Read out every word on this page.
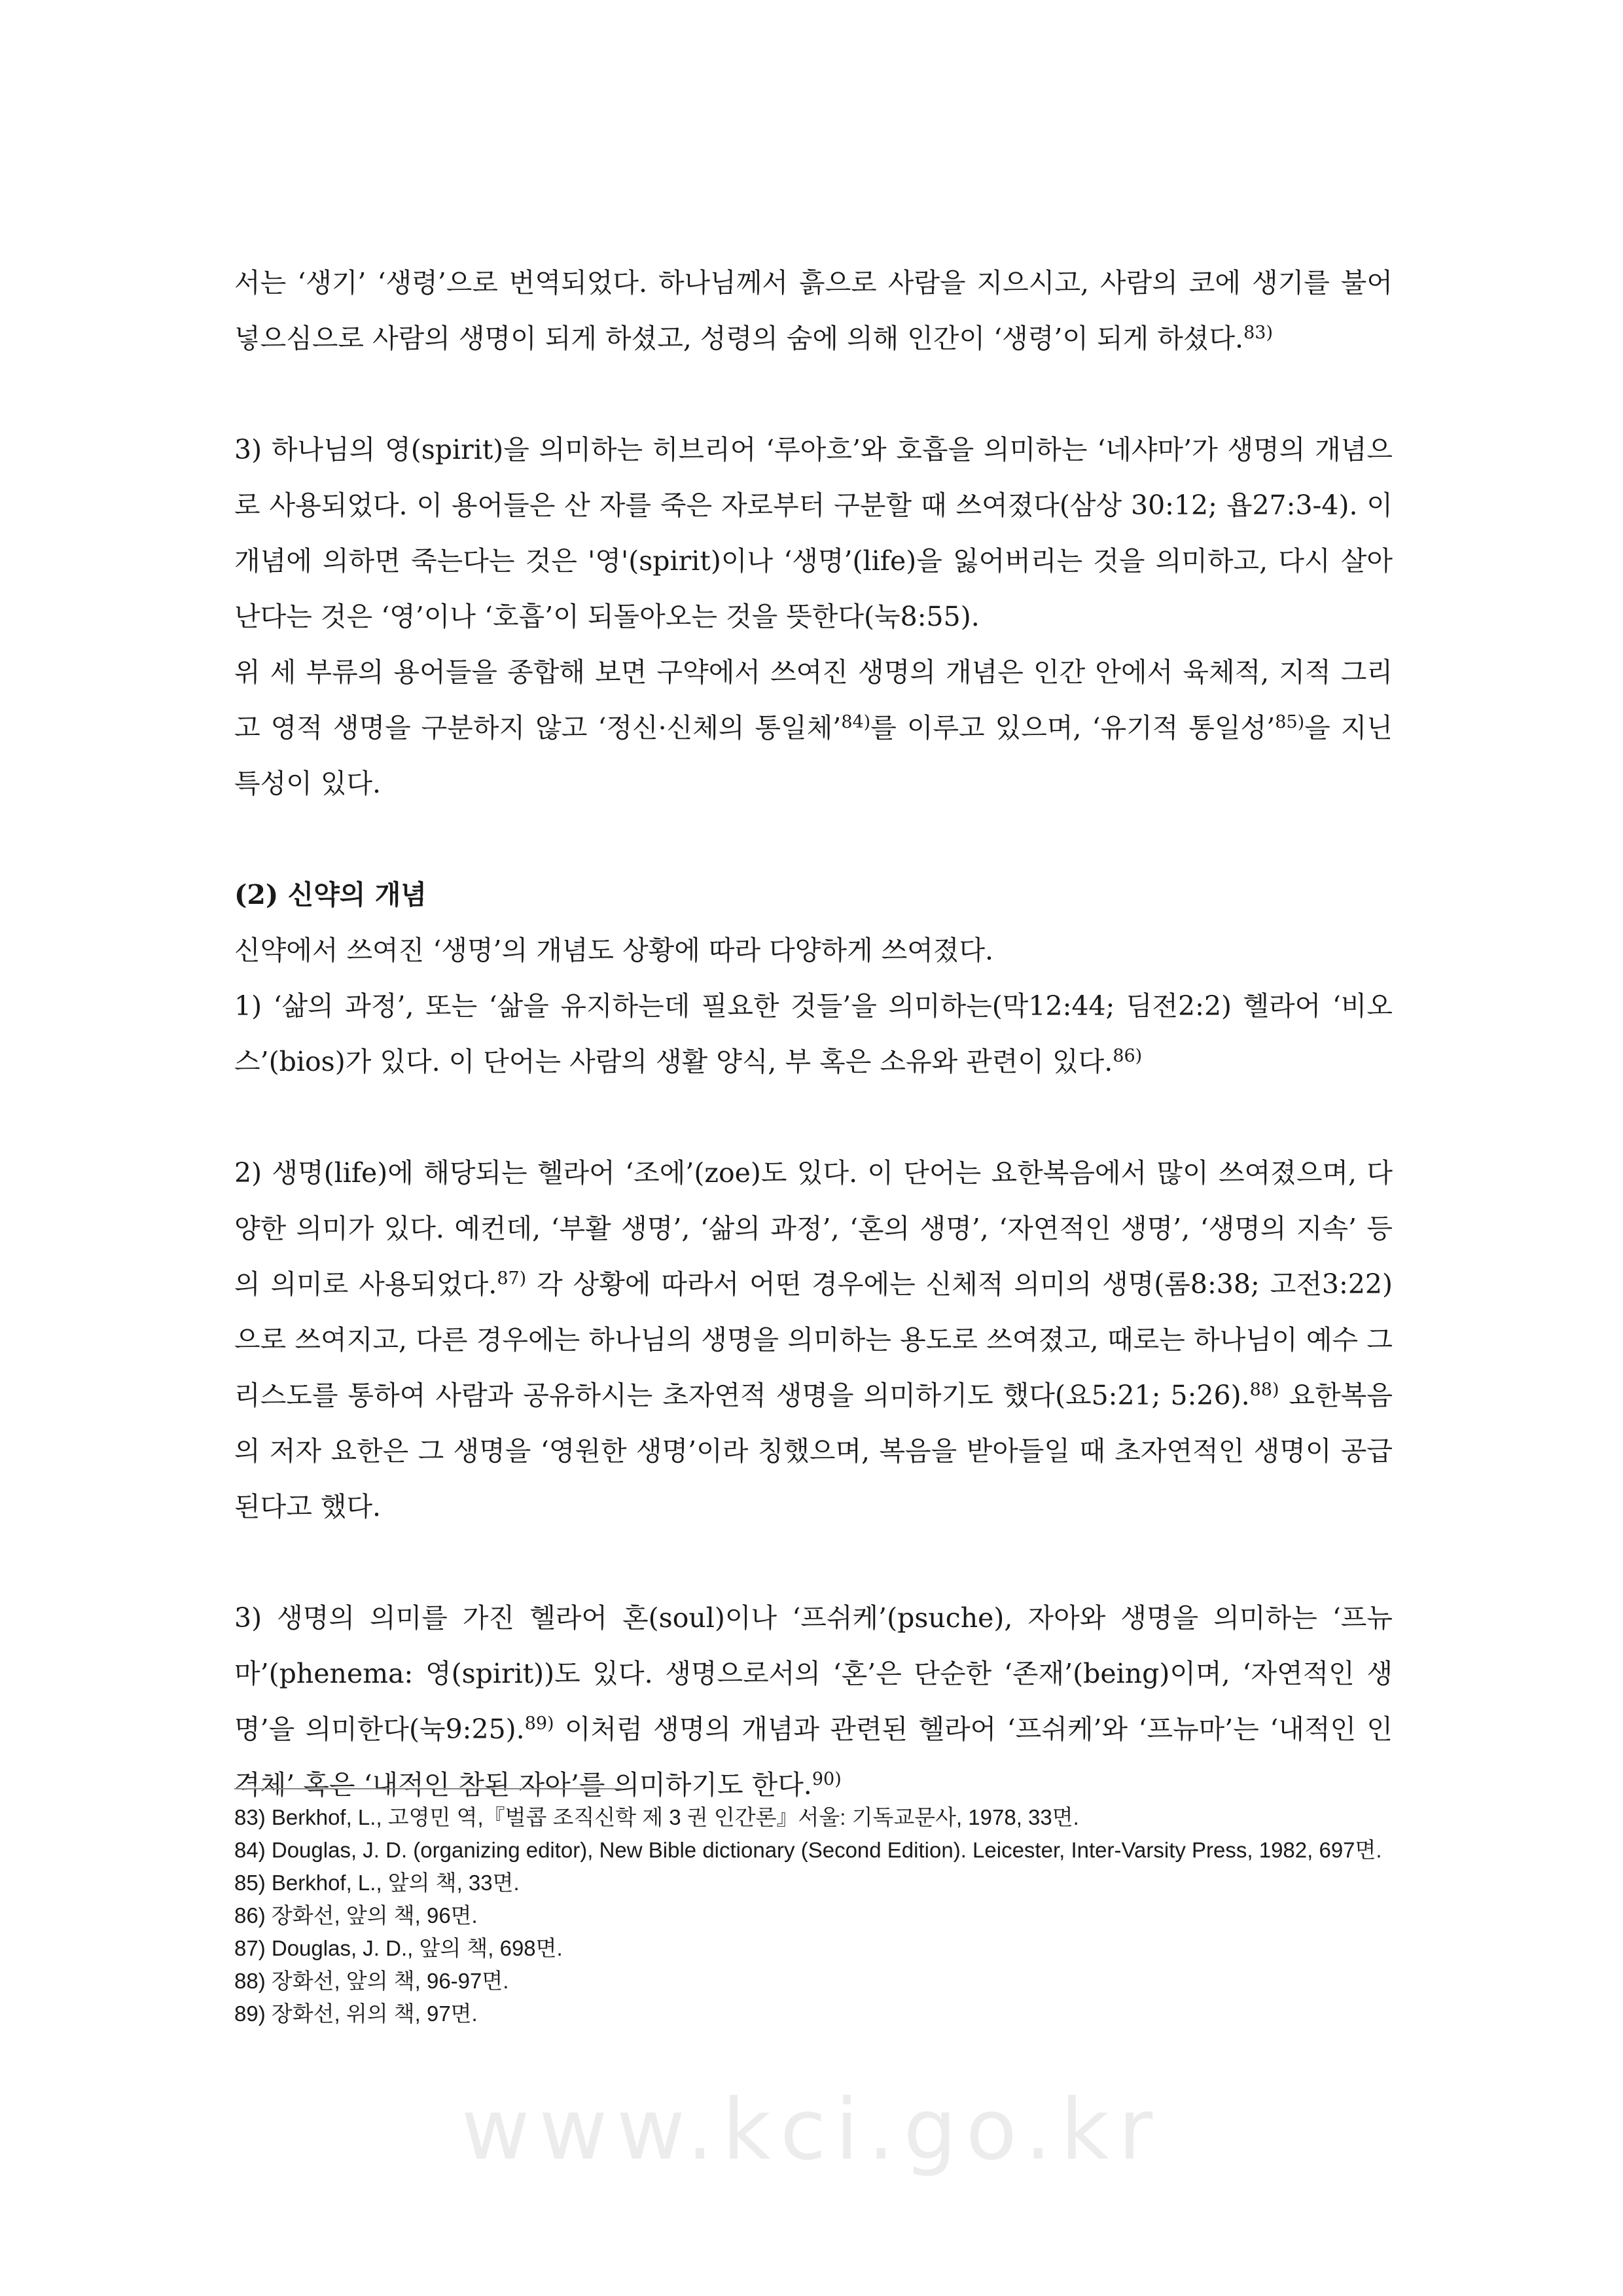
서는 ‘생기’ ‘생령’으로 번역되었다. 하나님께서 흙으로 사람을 지으시고, 사람의 코에 생기를 불어 넣으심으로 사람의 생명이 되게 하셨고, 성령의 숨에 의해 인간이 ‘생령’이 되게 하셨다.$^{83)}$

3) 하나님의 영(spirit)을 의미하는 히브리어 ‘루아흐’와 호흡을 의미하는 ‘네샤마’가 생명의 개념으로 사용되었다. 이 용어들은 산 자를 죽은 자로부터 구분할 때 쓰여졌다(삼상 30:12; 욥27:3-4). 이 개념에 의하면 죽는다는 것은 '영'(spirit)이나 ‘생명’(life)을 잃어버리는 것을 의미하고, 다시 살아난다는 것은 ‘영’이나 ‘호흡’이 되돌아오는 것을 뜻한다(눅8:55).

위 세 부류의 용어들을 종합해 보면 구약에서 쓰여진 생명의 개념은 인간 안에서 육체적, 지적 그리고 영적 생명을 구분하지 않고 ‘정신·신체의 통일체’$^{84)}$를 이루고 있으며, ‘유기적 통일성’$^{85)}$을 지닌 특성이 있다.

(2) 신약의 개념

신약에서 쓰여진 ‘생명’의 개념도 상황에 따라 다양하게 쓰여졌다.

1) ‘삶의 과정’, 또는 ‘삶을 유지하는데 필요한 것들’을 의미하는(막12:44; 딤전2:2) 헬라어 ‘비오스’(bios)가 있다. 이 단어는 사람의 생활 양식, 부 혹은 소유와 관련이 있다.$^{86)}$

2) 생명(life)에 해당되는 헬라어 ‘조에’(zoe)도 있다. 이 단어는 요한복음에서 많이 쓰여졌으며, 다양한 의미가 있다. 예컨데, ‘부활 생명’, ‘삶의 과정’, ‘혼의 생명’, ‘자연적인 생명’, ‘생명의 지속’ 등의 의미로 사용되었다.$^{87)}$ 각 상황에 따라서 어떤 경우에는 신체적 의미의 생명(롬8:38; 고전3:22)으로 쓰여지고, 다른 경우에는 하나님의 생명을 의미하는 용도로 쓰여졌고, 때로는 하나님이 예수 그리스도를 통하여 사람과 공유하시는 초자연적 생명을 의미하기도 했다(요5:21; 5:26).$^{88)}$ 요한복음의 저자 요한은 그 생명을 ‘영원한 생명’이라 칭했으며, 복음을 받아들일 때 초자연적인 생명이 공급된다고 했다.

3) 생명의 의미를 가진 헬라어 혼(soul)이나 ‘프쉬케’(psuche), 자아와 생명을 의미하는 ‘프뉴마’(phenema: 영(spirit))도 있다. 생명으로서의 ‘혼’은 단순한 ‘존재’(being)이며, ‘자연적인 생명’을 의미한다(눅9:25).$^{89)}$ 이처럼 생명의 개념과 관련된 헬라어 ‘프쉬케’와 ‘프뉴마’는 ‘내적인 인격체’ 혹은 ‘내적인 참된 자아’를 의미하기도 한다.$^{90)}$

83) Berkhof, L., 고영민 역,『벌콥 조직신학 제 3 권 인간론』서울: 기독교문사, 1978, 33면.

84) Douglas, J. D. (organizing editor), New Bible dictionary (Second Edition). Leicester, Inter-Varsity Press, 1982, 697면.

85) Berkhof, L., 앞의 책, 33면.

86) 장화선, 앞의 책, 96면.

87) Douglas, J. D., 앞의 책, 698면.

88) 장화선, 앞의 책, 96-97면.

89) 장화선, 위의 책, 97면.

www.kci.go.kr
